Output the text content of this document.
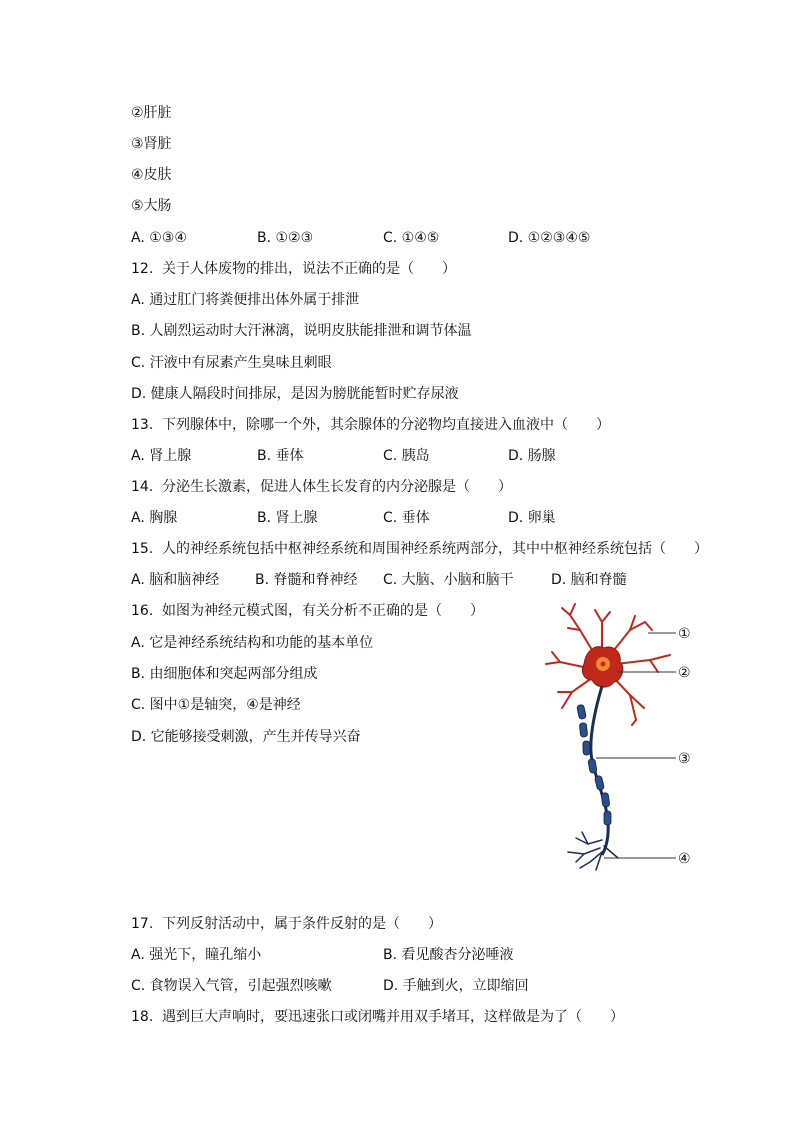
②肝脏
③肾脏
④皮肤
⑤大肠
A. ①③④	B. ①②③	C. ①④⑤	D. ①②③④⑤
12. 关于人体废物的排出，说法不正确的是（　　）
A. 通过肛门将粪便排出体外属于排泄
B. 人剧烈运动时大汗淋漓，说明皮肤能排泄和调节体温
C. 汗液中有尿素产生臭味且刺眼
D. 健康人隔段时间排尿，是因为膀胱能暂时贮存尿液
13. 下列腺体中，除哪一个外，其余腺体的分泌物均直接进入血液中（　　）
A. 肾上腺	B. 垂体	C. 胰岛	D. 肠腺
14. 分泌生长激素，促进人体生长发育的内分泌腺是（　　）
A. 胸腺	B. 肾上腺	C. 垂体	D. 卵巢
15. 人的神经系统包括中枢神经系统和周围神经系统两部分，其中中枢神经系统包括（　　）
A. 脑和脑神经	B. 脊髓和脊神经 C. 大脑、小脑和脑干	D. 脑和脊髓
16. 如图为神经元模式图，有关分析不正确的是（　　）
A. 它是神经系统结构和功能的基本单位
B. 由细胞体和突起两部分组成
C. 图中①是轴突，④是神经
D. 它能够接受刺激，产生并传导兴奋
①
②
③
④
17. 下列反射活动中，属于条件反射的是（　　）
A. 强光下，瞳孔缩小	B. 看见酸杏分泌唾液
C. 食物误入气管，引起强烈咳嗽	D. 手触到火，立即缩回
18. 遇到巨大声响时，要迅速张口或闭嘴并用双手堵耳，这样做是为了（　　）
